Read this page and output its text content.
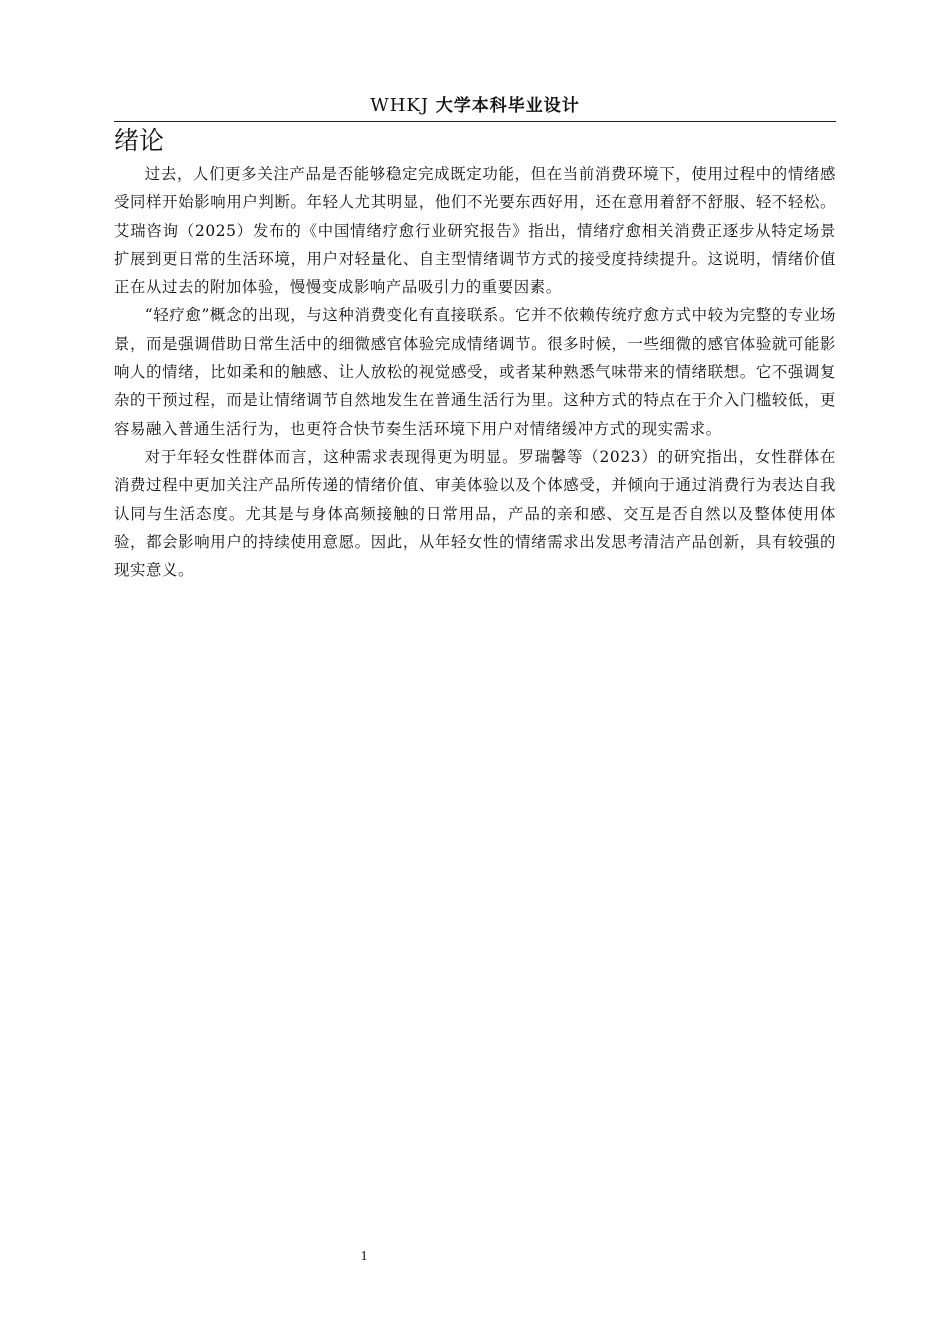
WHKJ 大学本科毕业设计
绪论

过去，人们更多关注产品是否能够稳定完成既定功能，但在当前消费环境下，使用过程中的情绪感受同样开始影响用户判断。年轻人尤其明显，他们不光要东西好用，还在意用着舒不舒服、轻不轻松。艾瑞咨询（2025）发布的《中国情绪疗愈行业研究报告》指出，情绪疗愈相关消费正逐步从特定场景扩展到更日常的生活环境，用户对轻量化、自主型情绪调节方式的接受度持续提升。这说明，情绪价值正在从过去的附加体验，慢慢变成影响产品吸引力的重要因素。

“轻疗愈”概念的出现，与这种消费变化有直接联系。它并不依赖传统疗愈方式中较为完整的专业场景，而是强调借助日常生活中的细微感官体验完成情绪调节。很多时候，一些细微的感官体验就可能影响人的情绪，比如柔和的触感、让人放松的视觉感受，或者某种熟悉气味带来的情绪联想。它不强调复杂的干预过程，而是让情绪调节自然地发生在普通生活行为里。这种方式的特点在于介入门槛较低，更容易融入普通生活行为，也更符合快节奏生活环境下用户对情绪缓冲方式的现实需求。

对于年轻女性群体而言，这种需求表现得更为明显。罗瑞馨等（2023）的研究指出，女性群体在消费过程中更加关注产品所传递的情绪价值、审美体验以及个体感受，并倾向于通过消费行为表达自我认同与生活态度。尤其是与身体高频接触的日常用品，产品的亲和感、交互是否自然以及整体使用体验，都会影响用户的持续使用意愿。因此，从年轻女性的情绪需求出发思考清洁产品创新，具有较强的现实意义。

1
